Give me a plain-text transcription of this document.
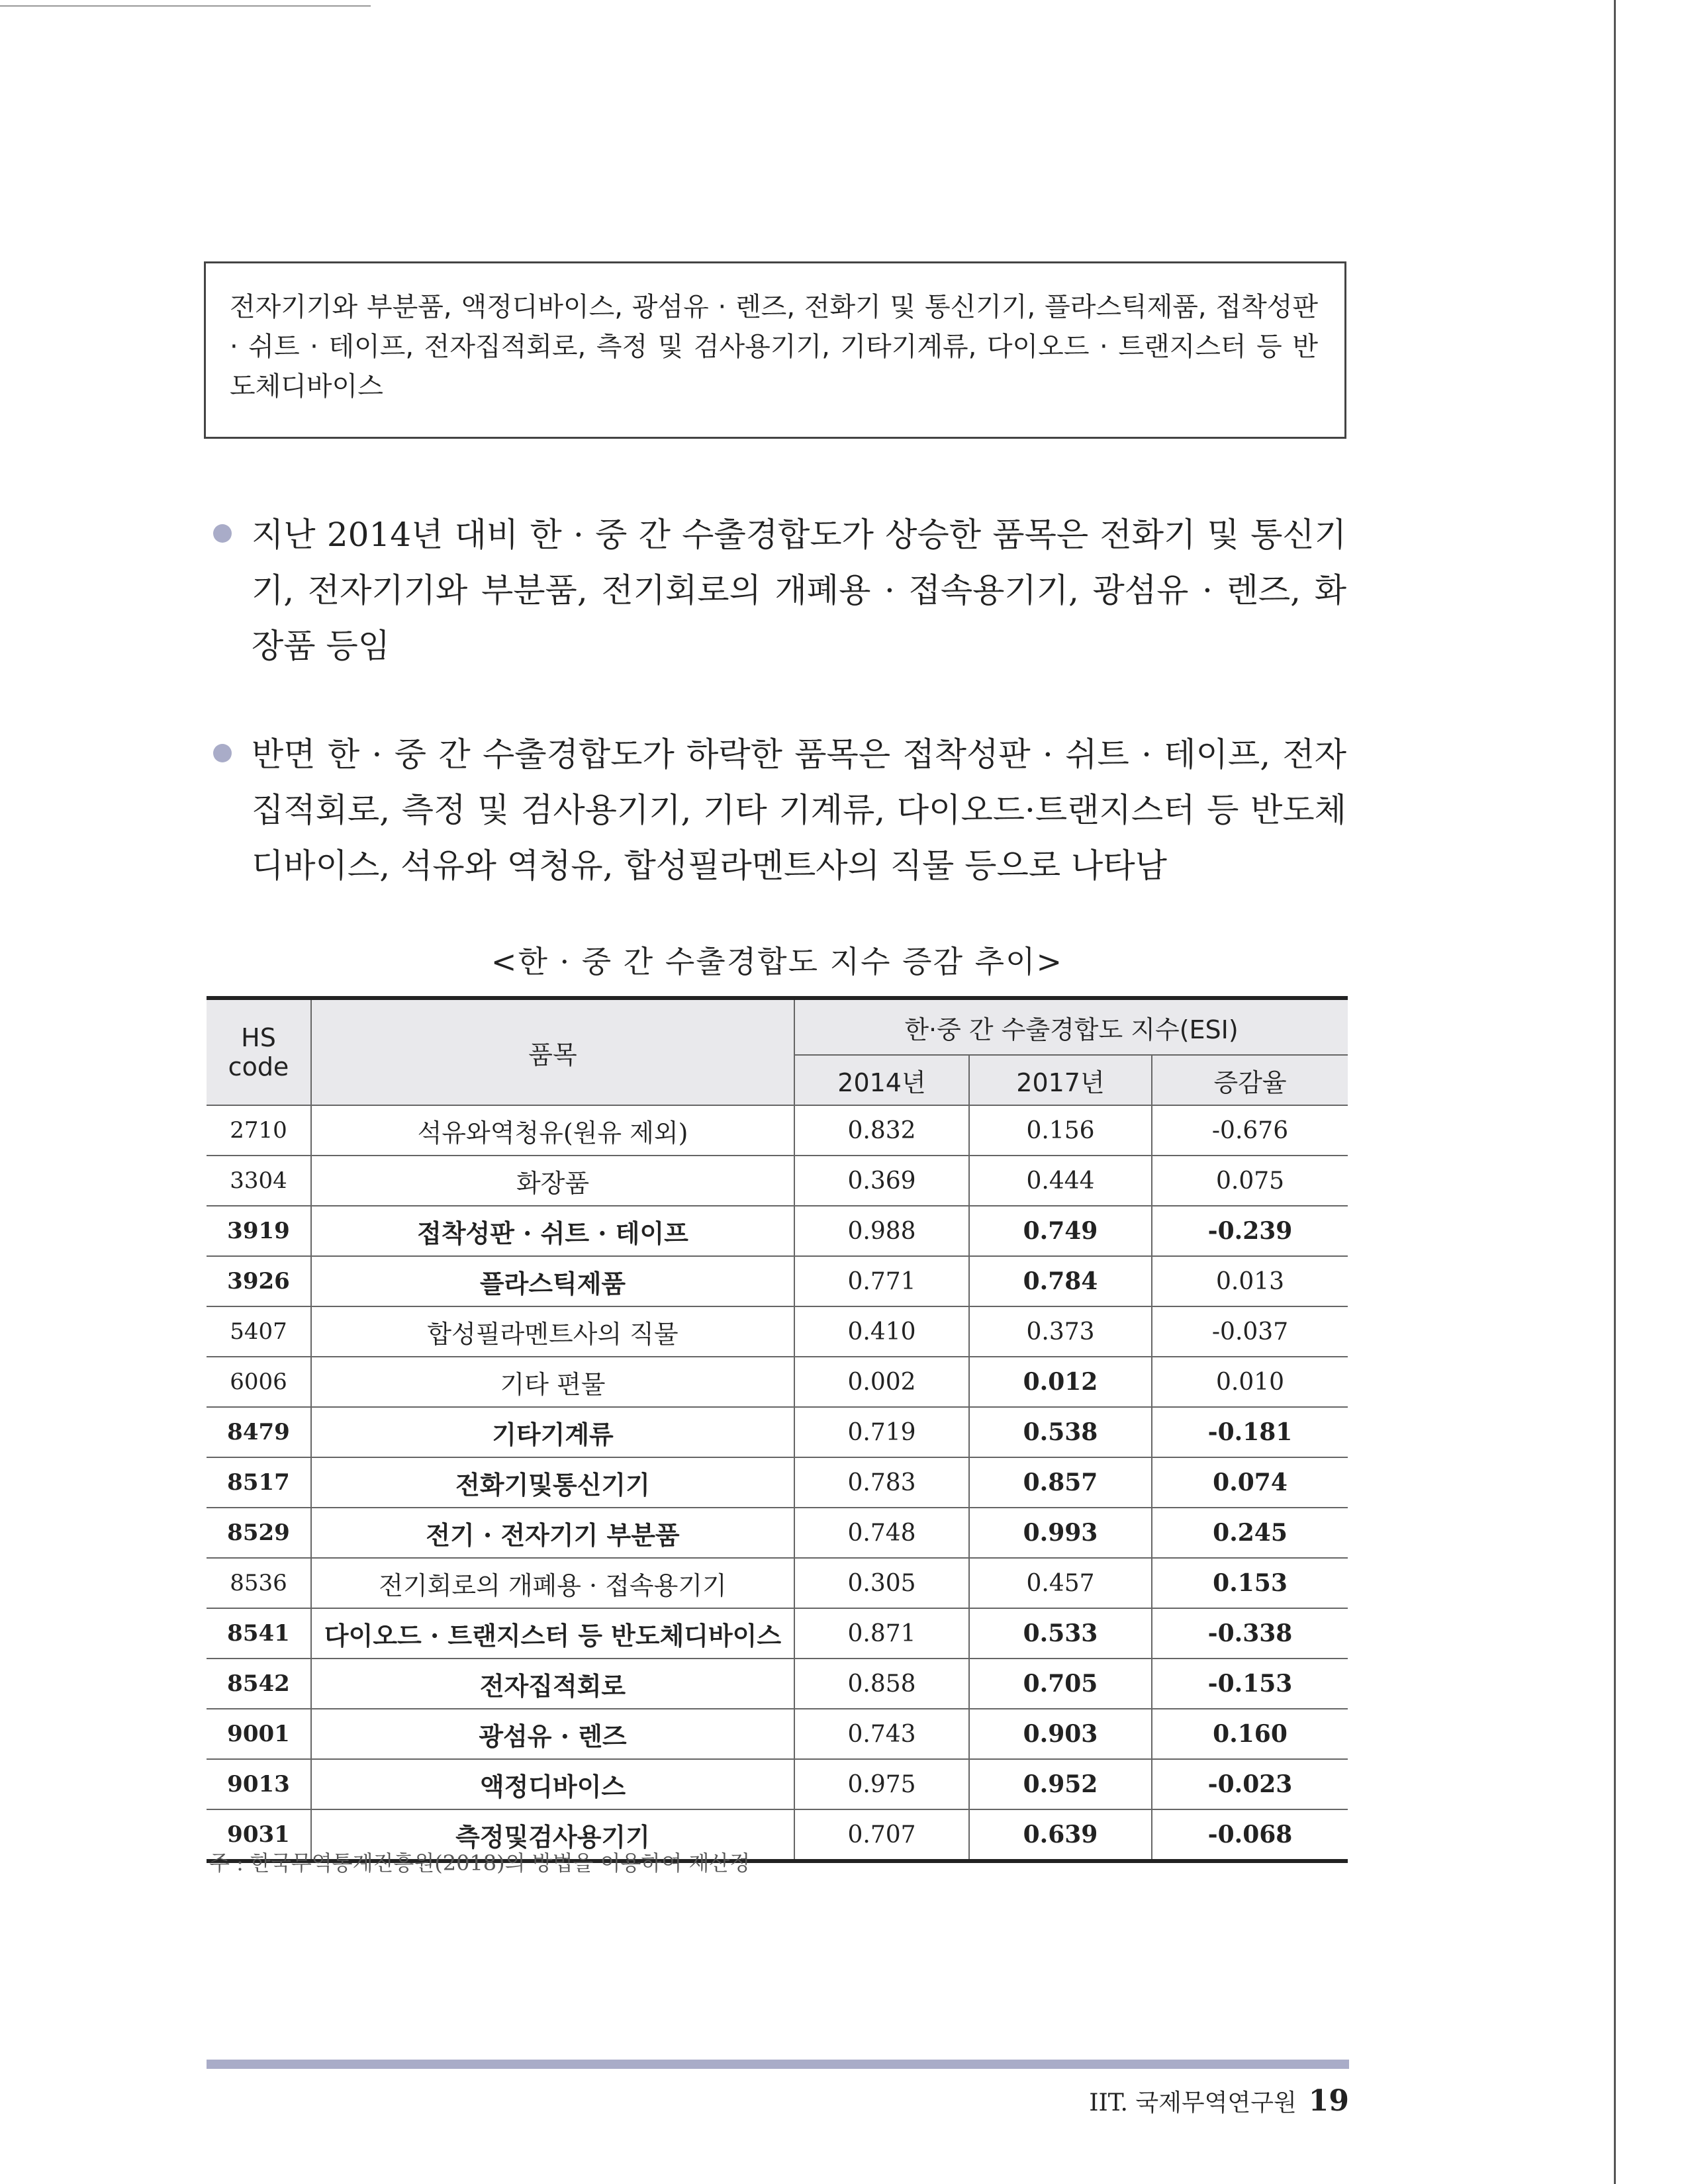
전자기기와 부분품, 액정디바이스, 광섬유 · 렌즈, 전화기 및 통신기기, 플라스틱제품, 접착성판 · 쉬트 · 테이프, 전자집적회로, 측정 및 검사용기기, 기타기계류, 다이오드 · 트랜지스터 등 반도체디바이스
지난 2014년 대비 한 · 중 간 수출경합도가 상승한 품목은 전화기 및 통신기기, 전자기기와 부분품, 전기회로의 개폐용 · 접속용기기, 광섬유 · 렌즈, 화장품 등임
반면 한 · 중 간 수출경합도가 하락한 품목은 접착성판 · 쉬트 · 테이프, 전자집적회로, 측정 및 검사용기기, 기타 기계류, 다이오드·트랜지스터 등 반도체디바이스, 석유와 역청유, 합성필라멘트사의 직물 등으로 나타남
<한 · 중 간 수출경합도 지수 증감 추이>
HS code	품목	한·중 간 수출경합도 지수(ESI)		
		2014년	2017년	증감율
2710	석유와역청유(원유 제외)	0.832	0.156	-0.676
3304	화장품	0.369	0.444	0.075
3919	접착성판 · 쉬트 · 테이프	0.988	0.749	-0.239
3926	플라스틱제품	0.771	0.784	0.013
5407	합성필라멘트사의 직물	0.410	0.373	-0.037
6006	기타 편물	0.002	0.012	0.010
8479	기타기계류	0.719	0.538	-0.181
8517	전화기및통신기기	0.783	0.857	0.074
8529	전기 · 전자기기 부분품	0.748	0.993	0.245
8536	전기회로의 개폐용 · 접속용기기	0.305	0.457	0.153
8541	다이오드 · 트랜지스터 등 반도체디바이스	0.871	0.533	-0.338
8542	전자집적회로	0.858	0.705	-0.153
9001	광섬유 · 렌즈	0.743	0.903	0.160
9013	액정디바이스	0.975	0.952	-0.023
9031	측정및검사용기기	0.707	0.639	-0.068
주 : 한국무역통계진흥원(2018)의 방법을 이용하여 재산정
IIT. 국제무역연구원 19
